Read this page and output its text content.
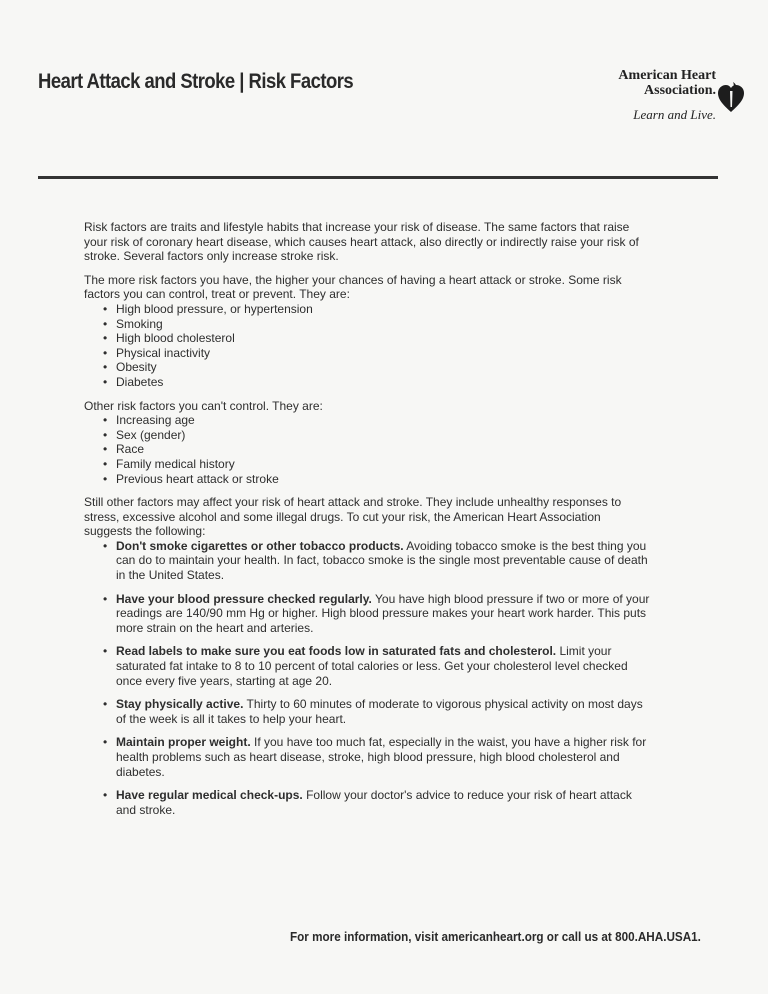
Heart Attack and Stroke | Risk Factors	American Heart
Association.
Learn and Live.

Risk factors are traits and lifestyle habits that increase your risk of disease. The same factors that raise your risk of coronary heart disease, which causes heart attack, also directly or indirectly raise your risk of stroke. Several factors only increase stroke risk.

The more risk factors you have, the higher your chances of having a heart attack or stroke. Some risk factors you can control, treat or prevent. They are:

• High blood pressure, or hypertension
• Smoking
• High blood cholesterol
• Physical inactivity
• Obesity
• Diabetes

Other risk factors you can't control. They are:

• Increasing age
• Sex (gender)
• Race
• Family medical history
• Previous heart attack or stroke

Still other factors may affect your risk of heart attack and stroke. They include unhealthy responses to stress, excessive alcohol and some illegal drugs. To cut your risk, the American Heart Association suggests the following:

• Don't smoke cigarettes or other tobacco products. Avoiding tobacco smoke is the best thing you can do to maintain your health. In fact, tobacco smoke is the single most preventable cause of death in the United States.
• Have your blood pressure checked regularly. You have high blood pressure if two or more of your readings are 140/90 mm Hg or higher. High blood pressure makes your heart work harder. This puts more strain on the heart and arteries.
• Read labels to make sure you eat foods low in saturated fats and cholesterol. Limit your saturated fat intake to 8 to 10 percent of total calories or less. Get your cholesterol level checked once every five years, starting at age 20.
• Stay physically active. Thirty to 60 minutes of moderate to vigorous physical activity on most days of the week is all it takes to help your heart.
• Maintain proper weight. If you have too much fat, especially in the waist, you have a higher risk for health problems such as heart disease, stroke, high blood pressure, high blood cholesterol and diabetes.
• Have regular medical check-ups. Follow your doctor's advice to reduce your risk of heart attack and stroke.
For more information, visit americanheart.org or call us at 800.AHA.USA1.
